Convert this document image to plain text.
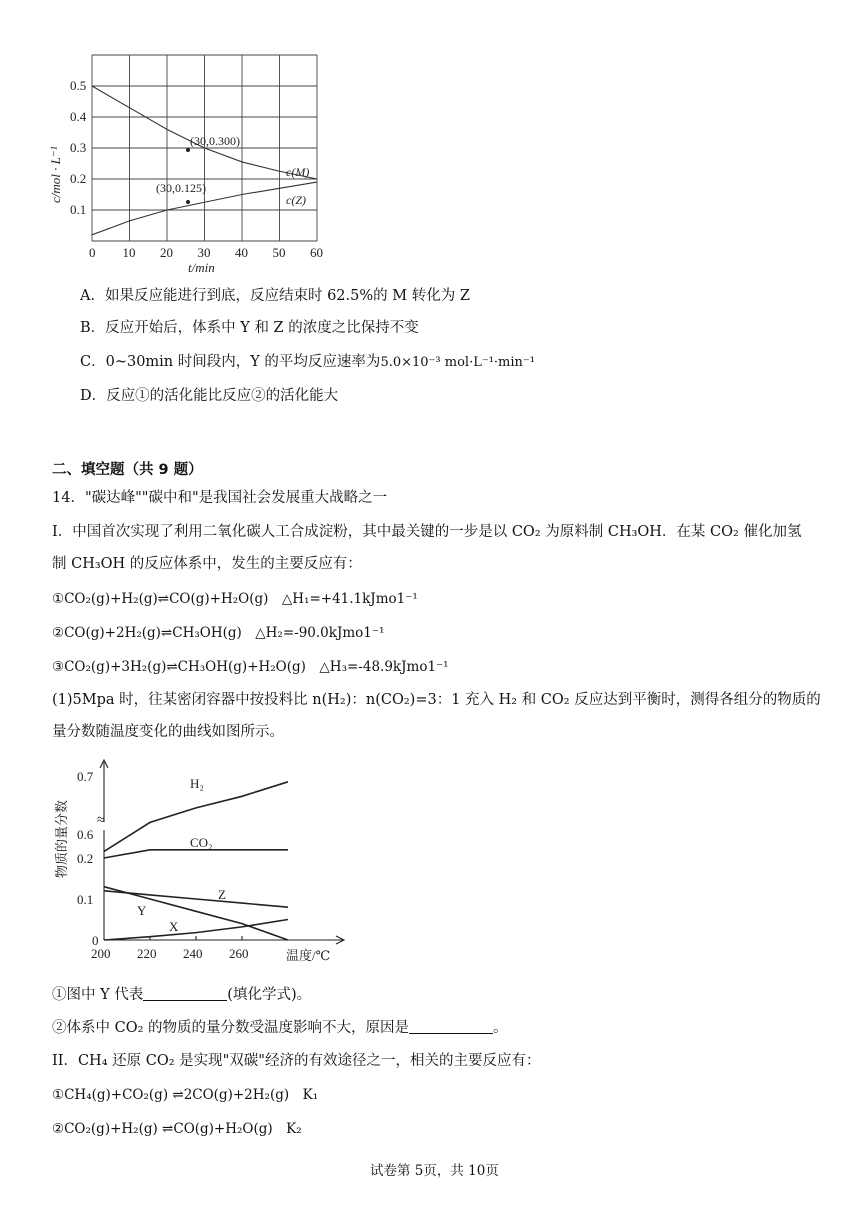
0 10 20 30 40 50 60
0.1
0.2
0.3
0.4
0.5
c/mol · L⁻¹
t/min
(30,0.300)
(30,0.125)
c(M)
c(Z)
A．如果反应能进行到底，反应结束时 62.5%的 M 转化为 Z
B．反应开始后，体系中 Y 和 Z 的浓度之比保持不变
C．0~30min 时间段内，Y 的平均反应速率为5.0×10⁻³ mol·L⁻¹·min⁻¹
D．反应①的活化能比反应②的活化能大
二、填空题（共 9 题）
14．"碳达峰""碳中和"是我国社会发展重大战略之一
I．中国首次实现了利用二氧化碳人工合成淀粉，其中最关键的一步是以 CO₂ 为原料制 CH₃OH．在某 CO₂ 催化加氢
制 CH₃OH 的反应体系中，发生的主要反应有：
①CO₂(g)+H₂(g)⇌CO(g)+H₂O(g)　△H₁=+41.1kJmo1⁻¹
②CO(g)+2H₂(g)⇌CH₃OH(g)　△H₂=-90.0kJmo1⁻¹
③CO₂(g)+3H₂(g)⇌CH₃OH(g)+H₂O(g)　△H₃=-48.9kJmo1⁻¹
(1)5Mpa 时，往某密闭容器中按投料比 n(H₂)：n(CO₂)=3：1 充入 H₂ 和 CO₂ 反应达到平衡时，测得各组分的物质的
量分数随温度变化的曲线如图所示。
200 220 240 260
0
0.1
0.2
0.6
0.7
≈
物质的量分数
温度/℃
H₂
CO₂
Z
Y
X
①图中 Y 代表	(填化学式)。
②体系中 CO₂ 的物质的量分数受温度影响不大，原因是	。
II．CH₄ 还原 CO₂ 是实现"双碳"经济的有效途径之一，相关的主要反应有：
①CH₄(g)+CO₂(g) ⇌2CO(g)+2H₂(g)　K₁
②CO₂(g)+H₂(g) ⇌CO(g)+H₂O(g)　K₂
试卷第 5页，共 10页
